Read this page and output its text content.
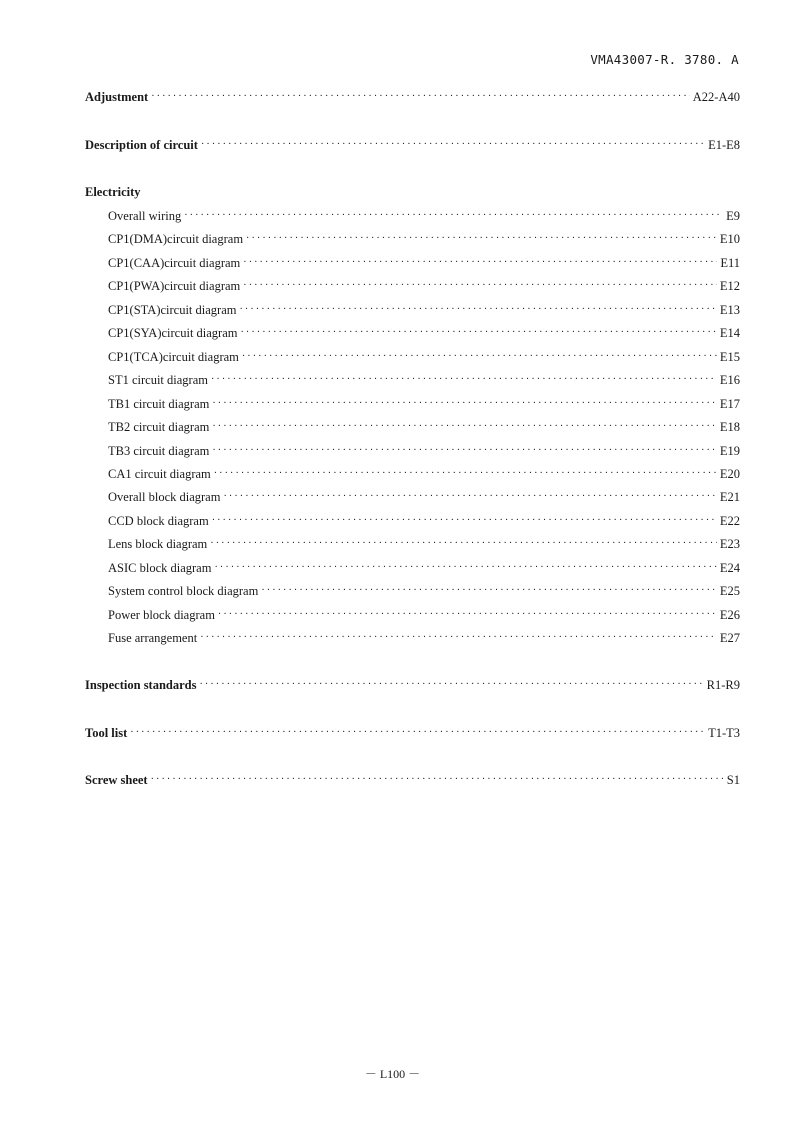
VMA43007-R. 3780. A
Adjustment ·····	A22-A40
Description of circuit ·····	E1-E8
Electricity
Overall wiring ·····	E9
CP1(DMA)circuit diagram ·····	E10
CP1(CAA)circuit diagram ·····	E11
CP1(PWA)circuit diagram ·····	E12
CP1(STA)circuit diagram ·····	E13
CP1(SYA)circuit diagram ·····	E14
CP1(TCA)circuit diagram ·····	E15
ST1 circuit diagram ·····	E16
TB1 circuit diagram ·····	E17
TB2 circuit diagram ·····	E18
TB3 circuit diagram ·····	E19
CA1 circuit diagram ·····	E20
Overall block diagram ·····	E21
CCD block diagram ·····	E22
Lens block diagram ·····	E23
ASIC block diagram ·····	E24
System control block diagram ·····	E25
Power block diagram ·····	E26
Fuse arrangement ·····	E27
Inspection standards ·····	R1-R9
Tool list ·····	T1-T3
Screw sheet ·····	S1
－ L100 －
